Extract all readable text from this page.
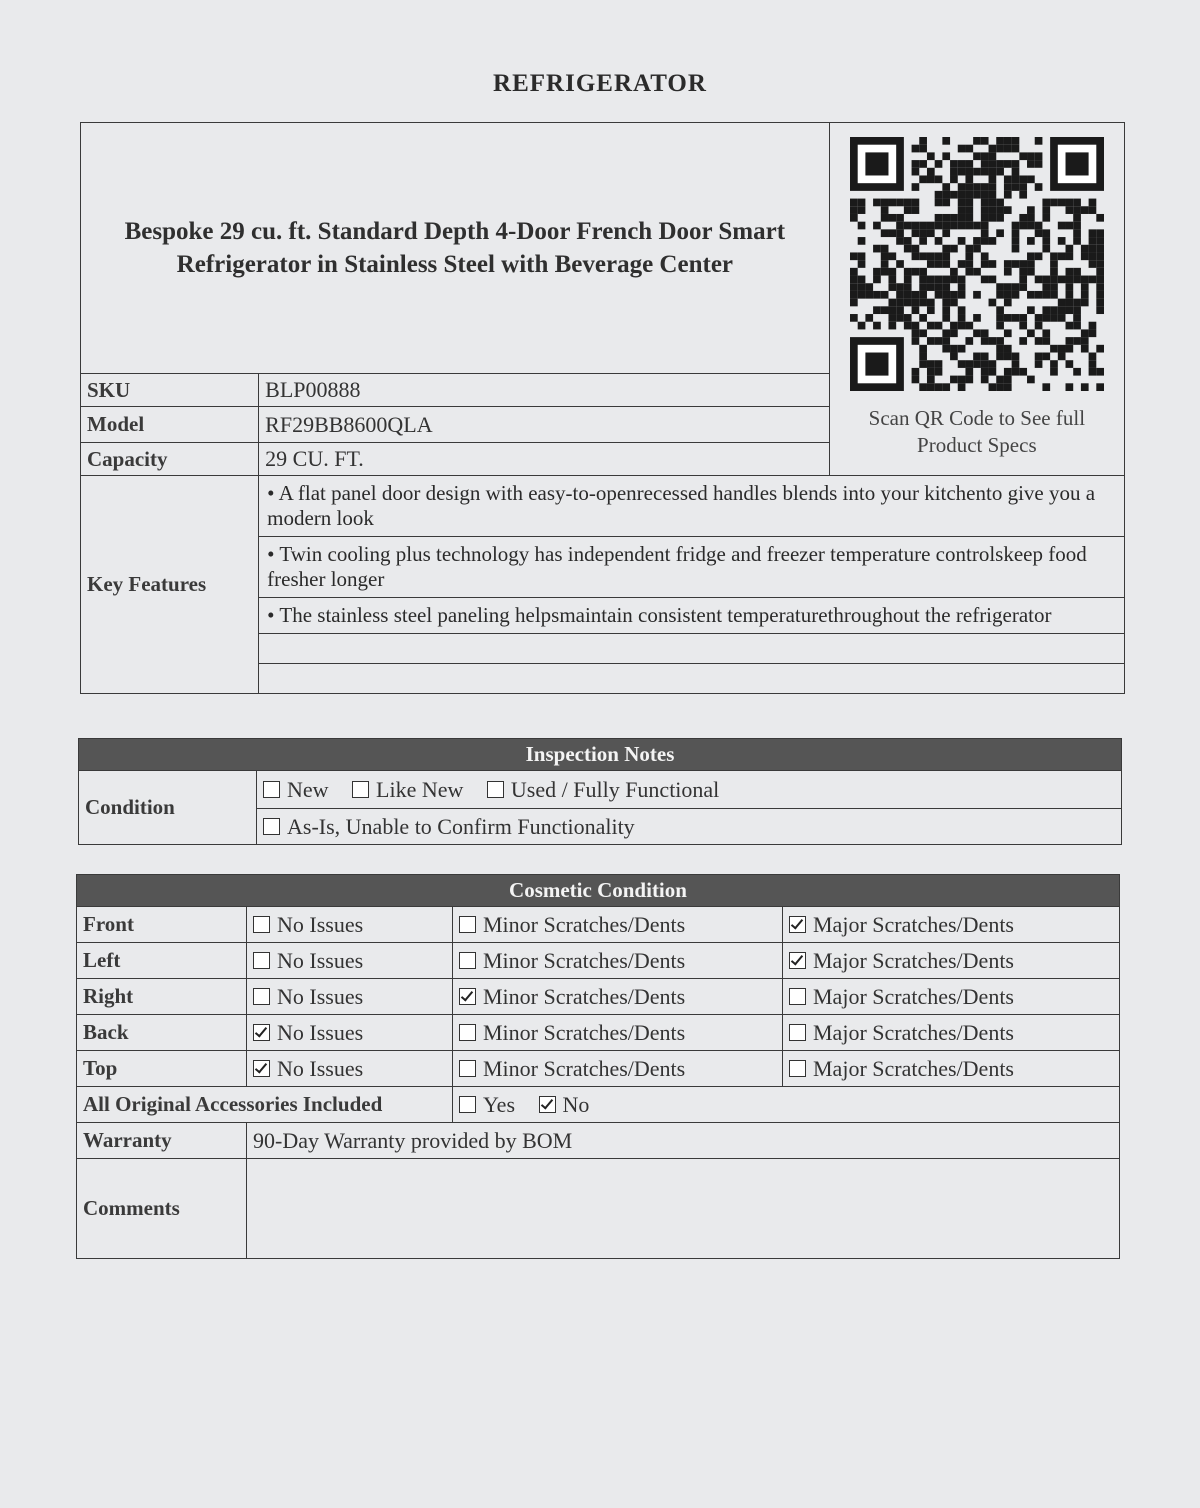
REFRIGERATOR
Bespoke 29 cu. ft. Standard Depth 4-Door French Door Smart
Refrigerator in Stainless Steel with Beverage Center		Scan QR Code to See full
Product Specs

SKU	BLP00888	
Model	RF29BB8600QLA	
Capacity	29 CU. FT.	
Key Features	• A flat panel door design with easy-to-openrecessed handles blends into your kitchento give you a modern look	
	• Twin cooling plus technology has independent fridge and freezer temperature controlskeep food fresher longer	
	• The stainless steel paneling helpsmaintain consistent temperaturethroughout the refrigerator	

Inspection Notes
Condition	New Like New Used / Fully Functional
As-Is, Unable to Confirm Functionality
Cosmetic Condition			
Front	No Issues	Minor Scratches/Dents	Major Scratches/Dents
Left	No Issues	Minor Scratches/Dents	Major Scratches/Dents
Right	No Issues	Minor Scratches/Dents	Major Scratches/Dents
Back	No Issues	Minor Scratches/Dents	Major Scratches/Dents
Top	No Issues	Minor Scratches/Dents	Major Scratches/Dents
All Original Accessories Included		Yes No	
Warranty	90-Day Warranty provided by BOM		
Comments			
